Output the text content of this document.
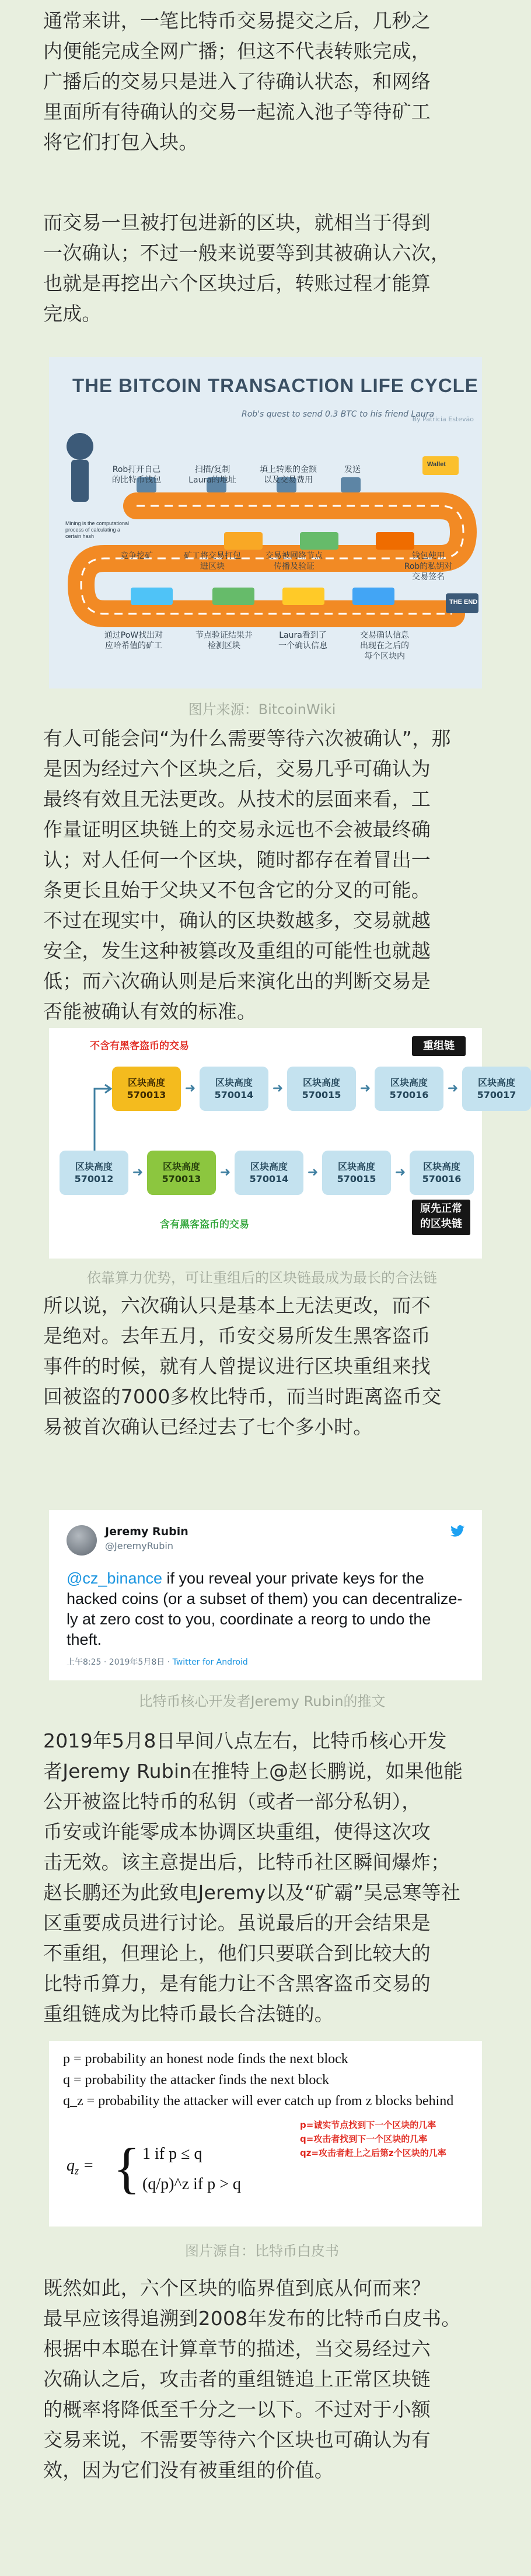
通常来讲，一笔比特币交易提交之后，几秒之
内便能完成全网广播；但这不代表转账完成，
广播后的交易只是进入了待确认状态，和网络
里面所有待确认的交易一起流入池子等待矿工
将它们打包入块。
而交易一旦被打包进新的区块，就相当于得到
一次确认；不过一般来说要等到其被确认六次，
也就是再挖出六个区块过后，转账过程才能算
完成。
THE BITCOIN TRANSACTION LIFE CYCLE
Rob's quest to send 0.3 BTC to his friend Laura
By Patricia Estevão
Rob打开自己
的比特币钱包
扫描/复制
Laura的地址
填上转账的金额
以及交易费用
发送
竞争挖矿	矿工将交易打包
进区块
交易被网络节点
传播及验证
钱包使用
Rob的私钥对
交易签名
通过PoW找出对
应哈希值的矿工
节点验证结果并
检测区块
Laura看到了
一个确认信息
交易确认信息
出现在之后的
每个区块内
Wallet
THE END
Mining is the computational process of calculating a certain hash
图片来源：BitcoinWiki
有人可能会问“为什么需要等待六次被确认”，那
是因为经过六个区块之后，交易几乎可确认为
最终有效且无法更改。从技术的层面来看，工
作量证明区块链上的交易永远也不会被最终确
认；对人任何一个区块，随时都存在着冒出一
条更长且始于父块又不包含它的分叉的可能。
不过在现实中，确认的区块数越多，交易就越
安全，发生这种被篡改及重组的可能性也就越
低；而六次确认则是后来演化出的判断交易是
否能被确认有效的标准。
不含有黑客盗币的交易	重组链
区块高度
570013 ➜ 区块高度
570014 ➜ 区块高度
570015 ➜ 区块高度
570016 ➜ 区块高度
570017
区块高度
570012 ➜ 区块高度
570013 ➜ 区块高度
570014 ➜ 区块高度
570015 ➜ 区块高度
570016
原先正常
的区块链
含有黑客盗币的交易
依靠算力优势，可让重组后的区块链最成为最长的合法链
所以说，六次确认只是基本上无法更改，而不
是绝对。去年五月，币安交易所发生黑客盗币
事件的时候，就有人曾提议进行区块重组来找
回被盗的7000多枚比特币，而当时距离盗币交
易被首次确认已经过去了七个多小时。
Jeremy Rubin
@JeremyRubin
@cz_binance if you reveal your private keys for the hacked coins (or a subset of them) you can decentralize-ly at zero cost to you, coordinate a reorg to undo the theft.
上午8:25 · 2019年5月8日 · Twitter for Android
比特币核心开发者Jeremy Rubin的推文
2019年5月8日早间八点左右，比特币核心开发
者Jeremy Rubin在推特上@赵长鹏说，如果他能
公开被盗比特币的私钥（或者一部分私钥），
币安或许能零成本协调区块重组，使得这次攻
击无效。该主意提出后，比特币社区瞬间爆炸；
赵长鹏还为此致电Jeremy以及“矿霸”吴忌寒等社
区重要成员进行讨论。虽说最后的开会结果是
不重组，但理论上，他们只要联合到比较大的
比特币算力，是有能力让不含黑客盗币交易的
重组链成为比特币最长合法链的。
p = probability an honest node finds the next block
q = probability the attacker finds the next block
q_z = probability the attacker will ever catch up from z blocks behind
p=诚实节点找到下一个区块的几率
q=攻击者找到下一个区块的几率
qz=攻击者赶上之后第z个区块的几率
$q_z$ = { 1 if p ≤ q
(q/p)^z if p > q
图片源自：比特币白皮书
既然如此，六个区块的临界值到底从何而来？
最早应该得追溯到2008年发布的比特币白皮书。
根据中本聪在计算章节的描述，当交易经过六
次确认之后，攻击者的重组链追上正常区块链
的概率将降低至千分之一以下。不过对于小额
交易来说，不需要等待六个区块也可确认为有
效，因为它们没有被重组的价值。
